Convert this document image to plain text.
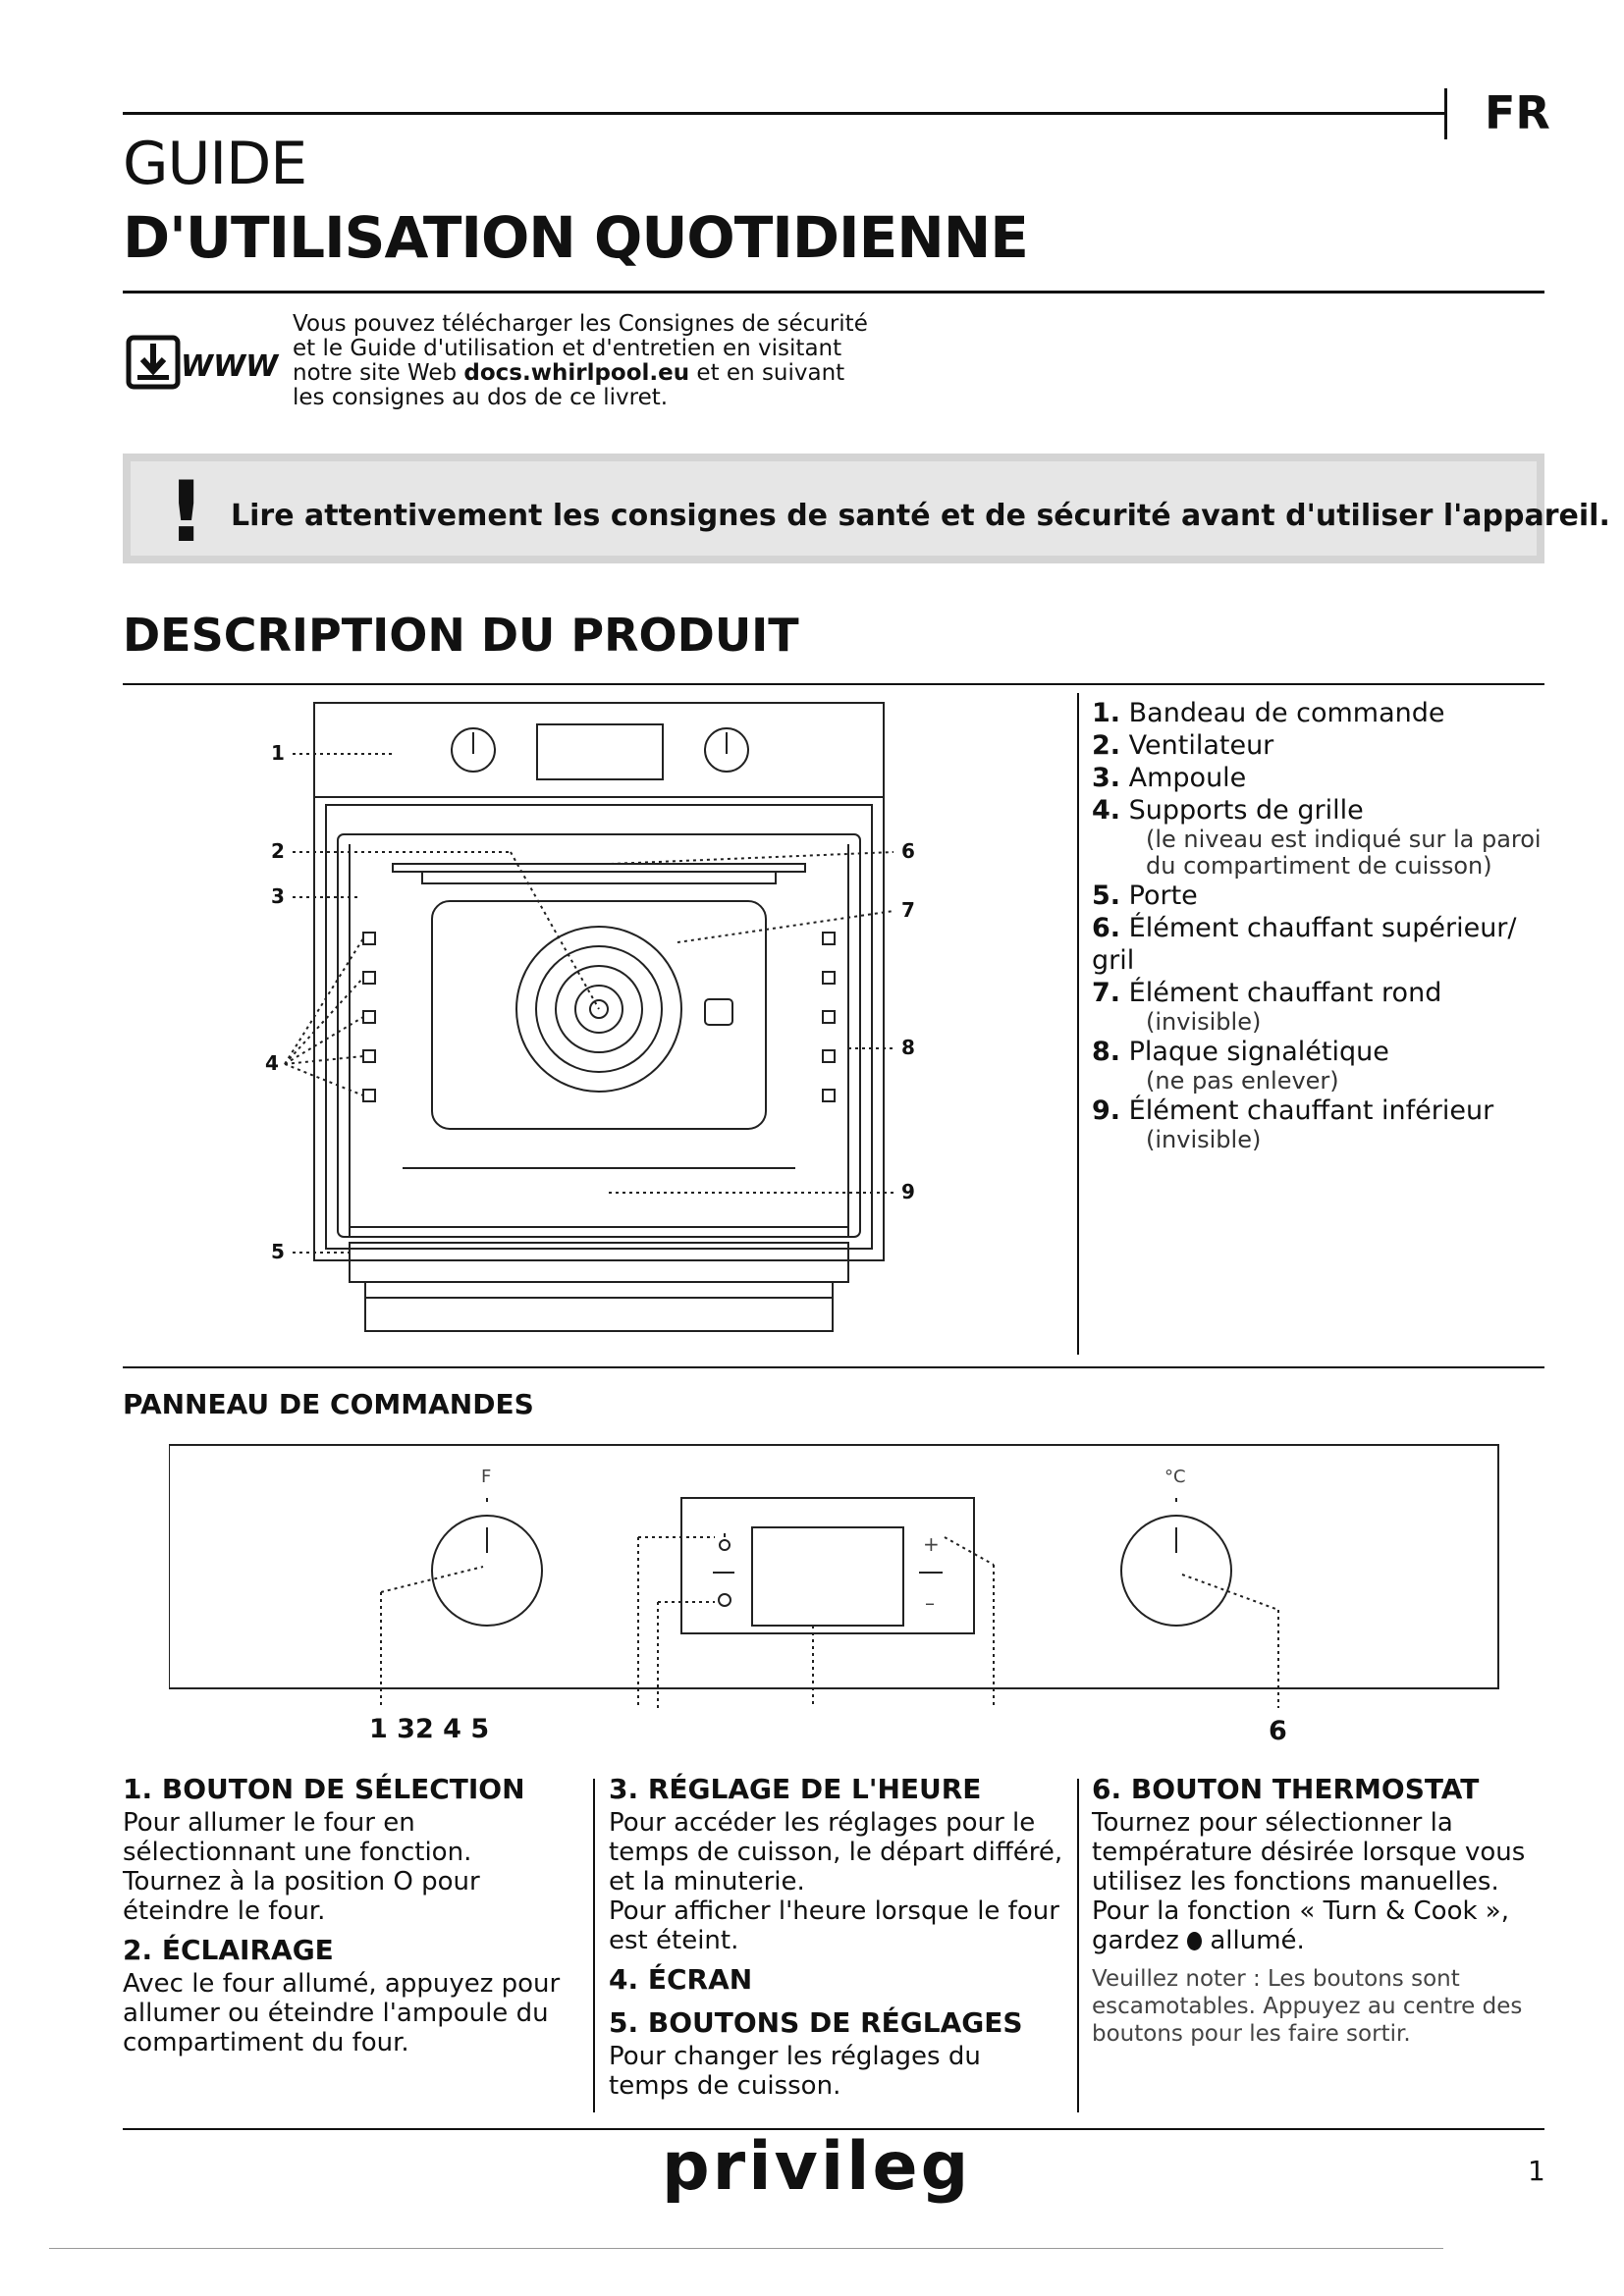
FR
GUIDE
D'UTILISATION QUOTIDIENNE
WWW
Vous pouvez télécharger les Consignes de sécurité
et le Guide d'utilisation et d'entretien en visitant
notre site Web docs.whirlpool.eu et en suivant
les consignes au dos de ce livret.
! Lire attentivement les consignes de santé et de sécurité avant d'utiliser l'appareil.
DESCRIPTION DU PRODUIT
1
2
3
4
5
6
7
8
9
1. Bandeau de commande
2. Ventilateur
3. Ampoule
4. Supports de grille
(le niveau est indiqué sur la paroi du compartiment de cuisson)
5. Porte
6. Élément chauffant supérieur/ gril
7. Élément chauffant rond
(invisible)
8. Plaque signalétique
(ne pas enlever)
9. Élément chauffant inférieur
(invisible)
PANNEAU DE COMMANDES
F	°C
+
–
1 32 4 5	6
1. BOUTON DE SÉLECTION

Pour allumer le four en sélectionnant une fonction. Tournez à la position O pour éteindre le four.

2. ÉCLAIRAGE

Avec le four allumé, appuyez pour allumer ou éteindre l'ampoule du compartiment du four.

3. RÉGLAGE DE L'HEURE

Pour accéder les réglages pour le temps de cuisson, le départ différé, et la minuterie.
Pour afficher l'heure lorsque le four est éteint.

4. ÉCRAN
5. BOUTONS DE RÉGLAGES

Pour changer les réglages du temps de cuisson.

6. BOUTON THERMOSTAT

Tournez pour sélectionner la température désirée lorsque vous utilisez les fonctions manuelles. Pour la fonction « Turn & Cook », gardez  allumé.

Veuillez noter : Les boutons sont escamotables. Appuyez au centre des boutons pour les faire sortir.

privileg	1
